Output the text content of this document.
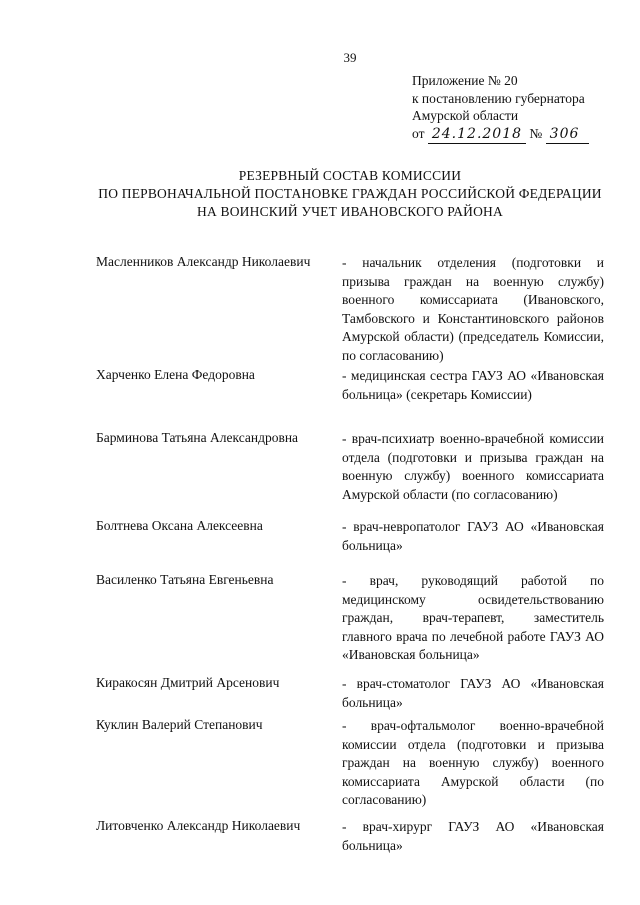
39
Приложение № 20
к постановлению губернатора
Амурской области
от 24.12.2018 № 306
РЕЗЕРВНЫЙ СОСТАВ КОМИССИИ
ПО ПЕРВОНАЧАЛЬНОЙ ПОСТАНОВКЕ ГРАЖДАН РОССИЙСКОЙ ФЕДЕРАЦИИ
НА ВОИНСКИЙ УЧЕТ ИВАНОВСКОГО РАЙОНА
Масленников Александр Николаевич - начальник отделения (подготовки и призыва граждан на военную службу) военного комиссариата (Ивановского, Тамбовского и Константиновского районов Амурской области) (председатель Комиссии, по согласованию)
Харченко Елена Федоровна	- медицинская сестра ГАУЗ АО «Ивановская больница» (секретарь Комиссии)
Барминова Татьяна Александровна	- врач-психиатр военно-врачебной комиссии отдела (подготовки и призыва граждан на военную службу) военного комиссариата Амурской области (по согласованию)
Болтнева Оксана Алексеевна	- врач-невропатолог ГАУЗ АО «Ивановская больница»
Василенко Татьяна Евгеньевна	- врач, руководящий работой по медицинскому освидетельствованию граждан, врач-терапевт, заместитель главного врача по лечебной работе ГАУЗ АО «Ивановская больница»
Киракосян Дмитрий Арсенович	- врач-стоматолог ГАУЗ АО «Ивановская больница»
Куклин Валерий Степанович	- врач-офтальмолог военно-врачебной комиссии отдела (подготовки и призыва граждан на военную службу) военного комиссариата Амурской области (по согласованию)
Литовченко Александр Николаевич	- врач-хирург ГАУЗ АО «Ивановская больница»
